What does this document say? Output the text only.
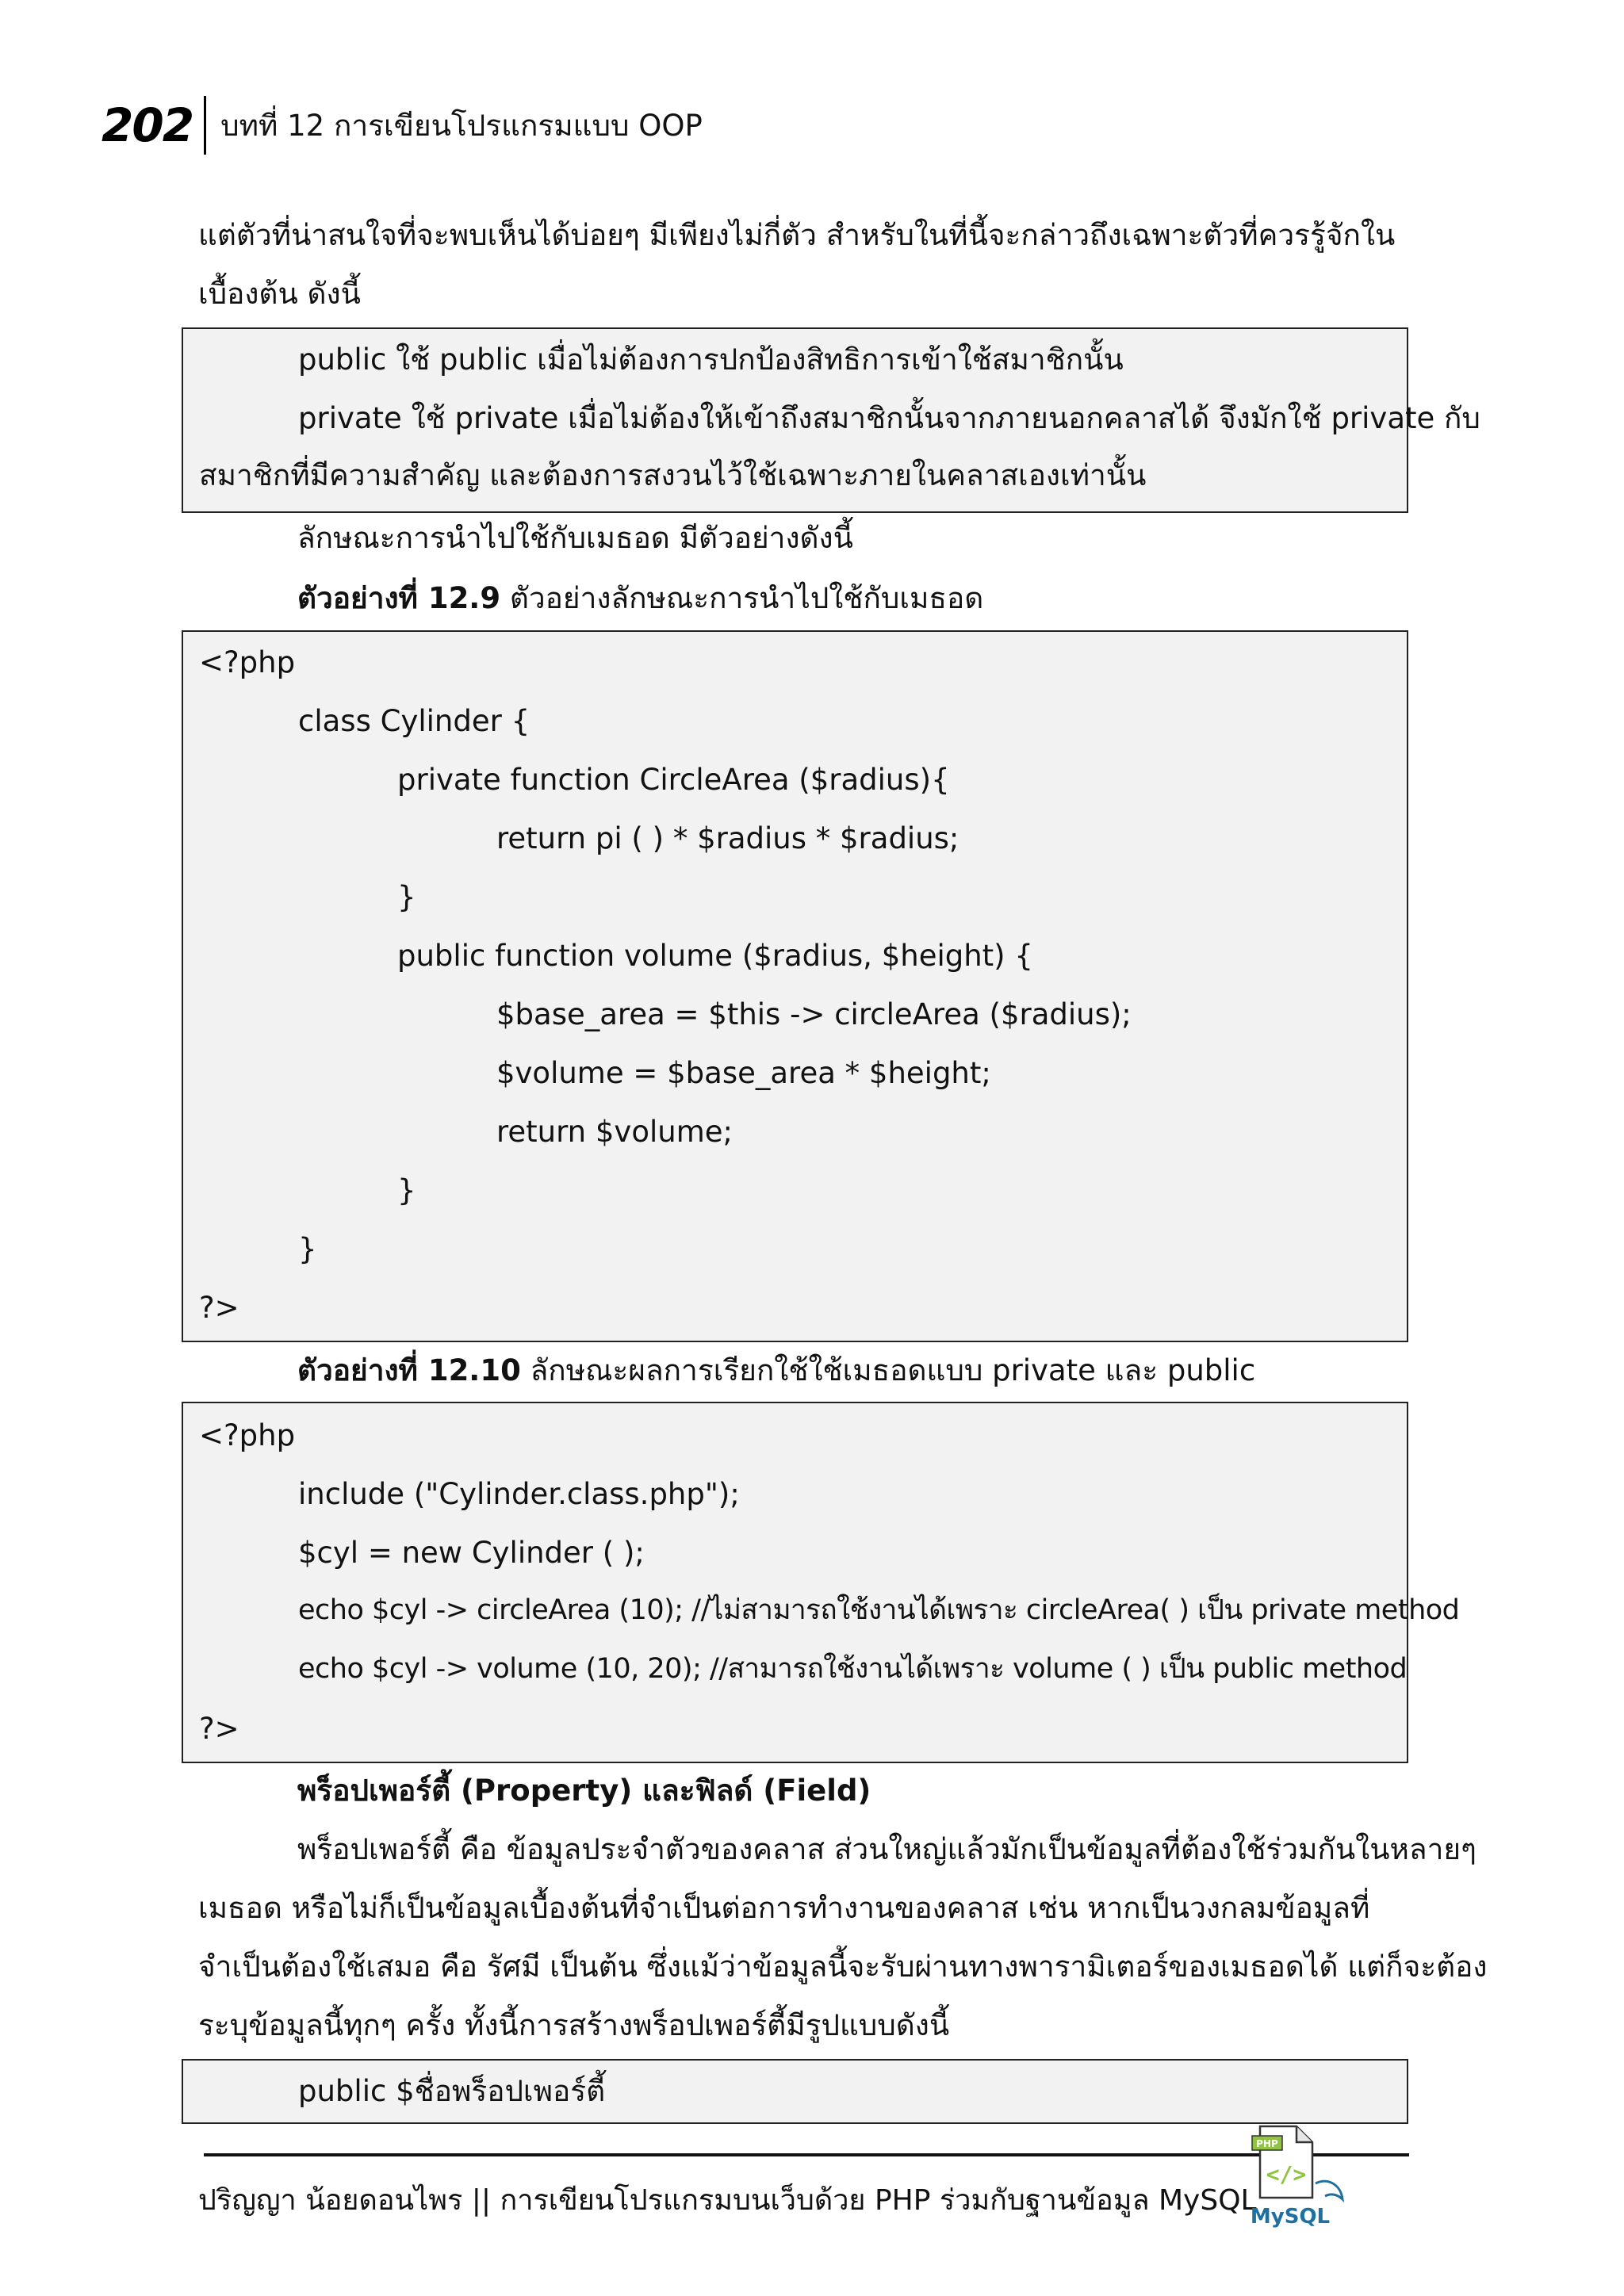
202 บทที่ 12 การเขียนโปรแกรมแบบ OOP
แต่ตัวที่น่าสนใจที่จะพบเห็นได้บ่อยๆ มีเพียงไม่กี่ตัว สำหรับในที่นี้จะกล่าวถึงเฉพาะตัวที่ควรรู้จักใน
เบื้องต้น ดังนี้
public ใช้ public เมื่อไม่ต้องการปกป้องสิทธิการเข้าใช้สมาชิกนั้น
private ใช้ private เมื่อไม่ต้องให้เข้าถึงสมาชิกนั้นจากภายนอกคลาสได้ จึงมักใช้ private กับ
สมาชิกที่มีความสำคัญ และต้องการสงวนไว้ใช้เฉพาะภายในคลาสเองเท่านั้น
ลักษณะการนำไปใช้กับเมธอด มีตัวอย่างดังนี้
ตัวอย่างที่ 12.9 ตัวอย่างลักษณะการนำไปใช้กับเมธอด
<?php
class Cylinder {
private function CircleArea ($radius){
return pi ( ) * $radius * $radius;
}
public function volume ($radius, $height) {
$base_area = $this -> circleArea ($radius);
$volume = $base_area * $height;
return $volume;
}
}
?>
ตัวอย่างที่ 12.10 ลักษณะผลการเรียกใช้ใช้เมธอดแบบ private และ public
<?php
include ("Cylinder.class.php");
$cyl = new Cylinder ( );
echo $cyl -> circleArea (10); //ไม่สามารถใช้งานได้เพราะ circleArea( ) เป็น private method
echo $cyl -> volume (10, 20); //สามารถใช้งานได้เพราะ volume ( ) เป็น public method
?>
พร็อปเพอร์ตี้ (Property) และฟิลด์ (Field)
พร็อปเพอร์ตี้ คือ ข้อมูลประจำตัวของคลาส ส่วนใหญ่แล้วมักเป็นข้อมูลที่ต้องใช้ร่วมกันในหลายๆ
เมธอด หรือไม่ก็เป็นข้อมูลเบื้องต้นที่จำเป็นต่อการทำงานของคลาส เช่น หากเป็นวงกลมข้อมูลที่
จำเป็นต้องใช้เสมอ คือ รัศมี เป็นต้น ซึ่งแม้ว่าข้อมูลนี้จะรับผ่านทางพารามิเตอร์ของเมธอดได้ แต่ก็จะต้อง
ระบุข้อมูลนี้ทุกๆ ครั้ง ทั้งนี้การสร้างพร็อปเพอร์ตี้มีรูปแบบดังนี้
public $ชื่อพร็อปเพอร์ตี้
ปริญญา น้อยดอนไพร || การเขียนโปรแกรมบนเว็บด้วย PHP ร่วมกับฐานข้อมูล MySQL
PHP
</>
MySQL
